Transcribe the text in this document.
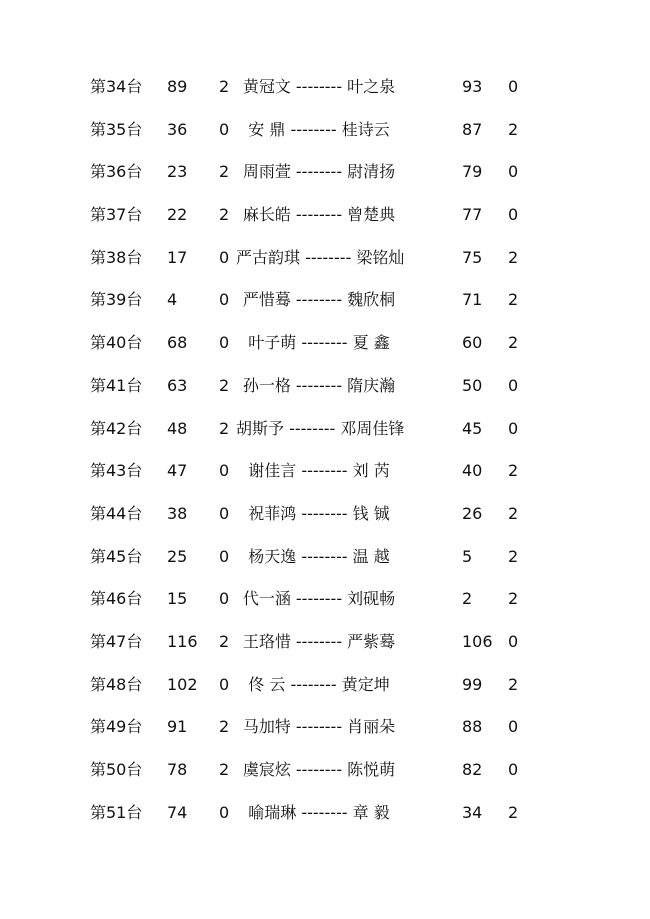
第34台 89 2 黄冠文 -------- 叶之泉	93 0
第35台 36 0	安 鼎 -------- 桂诗云	87 2
第36台 23 2 周雨萱 -------- 尉清扬	79 0
第37台 22 2 麻长皓 -------- 曾楚典	77 0
第38台 17 0 严古韵琪 -------- 梁铭灿	75 2
第39台 4	0 严惜蓦 -------- 魏欣桐	71 2
第40台 68 0	叶子萌 -------- 夏 鑫	60 2
第41台 63 2 孙一格 -------- 隋庆瀚	50 0
第42台 48 2 胡斯予 -------- 邓周佳锋	45 0
第43台 47 0	谢佳言 -------- 刘 芮	40 2
第44台 38 0	祝菲鸿 -------- 钱 铖	26 2
第45台 25 0	杨天逸 -------- 温 越	5 2
第46台 15 0 代一涵 -------- 刘砚畅	2 2
第47台 116 2 王珞惜 -------- 严紫蓦	106 0
第48台 102 0	佟 云 -------- 黄定坤	99 2
第49台 91 2 马加特 -------- 肖丽朵	88 0
第50台 78 2 虞宸炫 -------- 陈悦萌	82 0
第51台 74 0	喻瑞琳 -------- 章 毅	34 2
